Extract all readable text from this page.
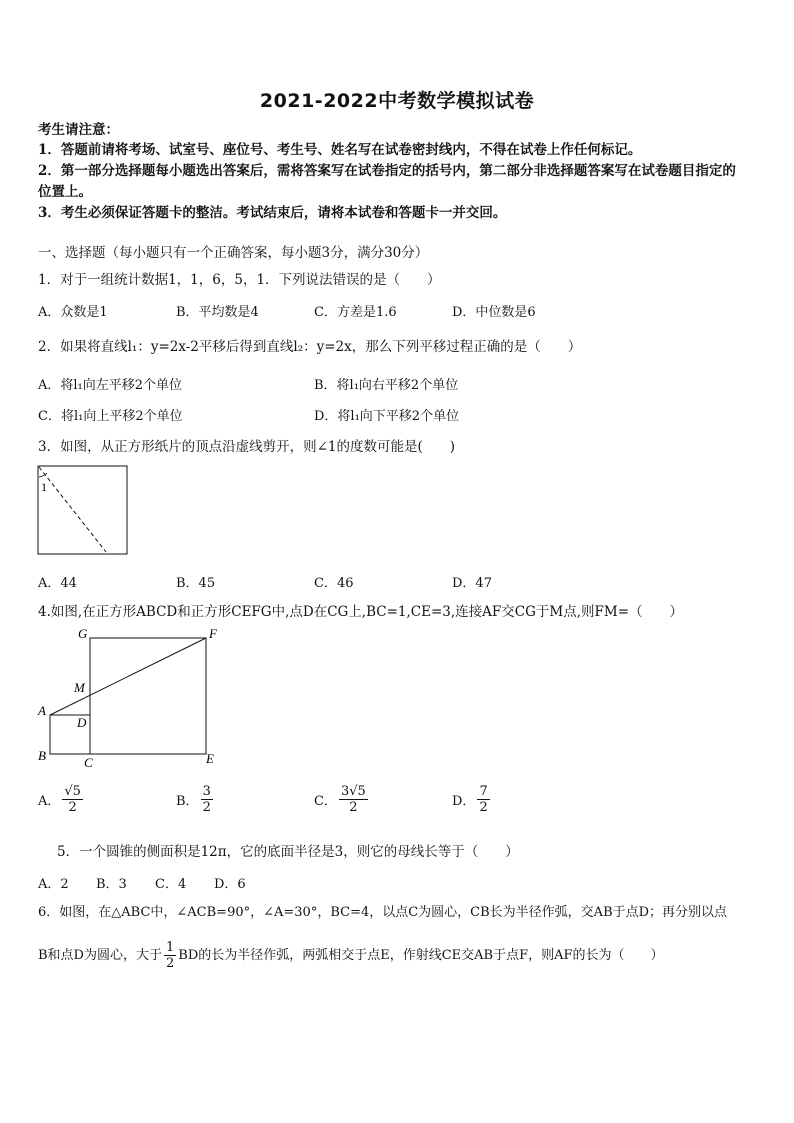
2021-2022中考数学模拟试卷
考生请注意：
1．答题前请将考场、试室号、座位号、考生号、姓名写在试卷密封线内，不得在试卷上作任何标记。
2．第一部分选择题每小题选出答案后，需将答案写在试卷指定的括号内，第二部分非选择题答案写在试卷题目指定的
位置上。
3．考生必须保证答题卡的整洁。考试结束后，请将本试卷和答题卡一并交回。
一、选择题（每小题只有一个正确答案，每小题3分，满分30分）
1．对于一组统计数据1，1，6，5，1．下列说法错误的是（　　）
A．众数是1	B．平均数是4	C．方差是1.6	D．中位数是6
2．如果将直线l₁：y=2x-2平移后得到直线l₂：y=2x，那么下列平移过程正确的是（　　）
A．将l₁向左平移2个单位	B．将l₁向右平移2个单位
C．将l₁向上平移2个单位	D．将l₁向下平移2个单位
3．如图，从正方形纸片的顶点沿虚线剪开，则∠1的度数可能是(　　)
1
A．44	B．45	C．46	D．47
4.如图,在正方形ABCD和正方形CEFG中,点D在CG上,BC=1,CE=3,连接AF交CG于M点,则FM=（　　）
G	F
M
A
D
B	C	E
A． $\frac{√5}{2}$	B． $\frac{3}{2}$	C． $\frac{3√5}{2}$	D． $\frac{7}{2}$
5．一个圆锥的侧面积是12π，它的底面半径是3，则它的母线长等于（　　）
A．2 B．3 C．4 D．6
6．如图，在△ABC中，∠ACB=90°，∠A=30°，BC=4，以点C为圆心，CB长为半径作弧，交AB于点D；再分别以点
B和点D为圆心，大于 $\frac{1}{2}$ BD的长为半径作弧，两弧相交于点E，作射线CE交AB于点F，则AF的长为（　　）
